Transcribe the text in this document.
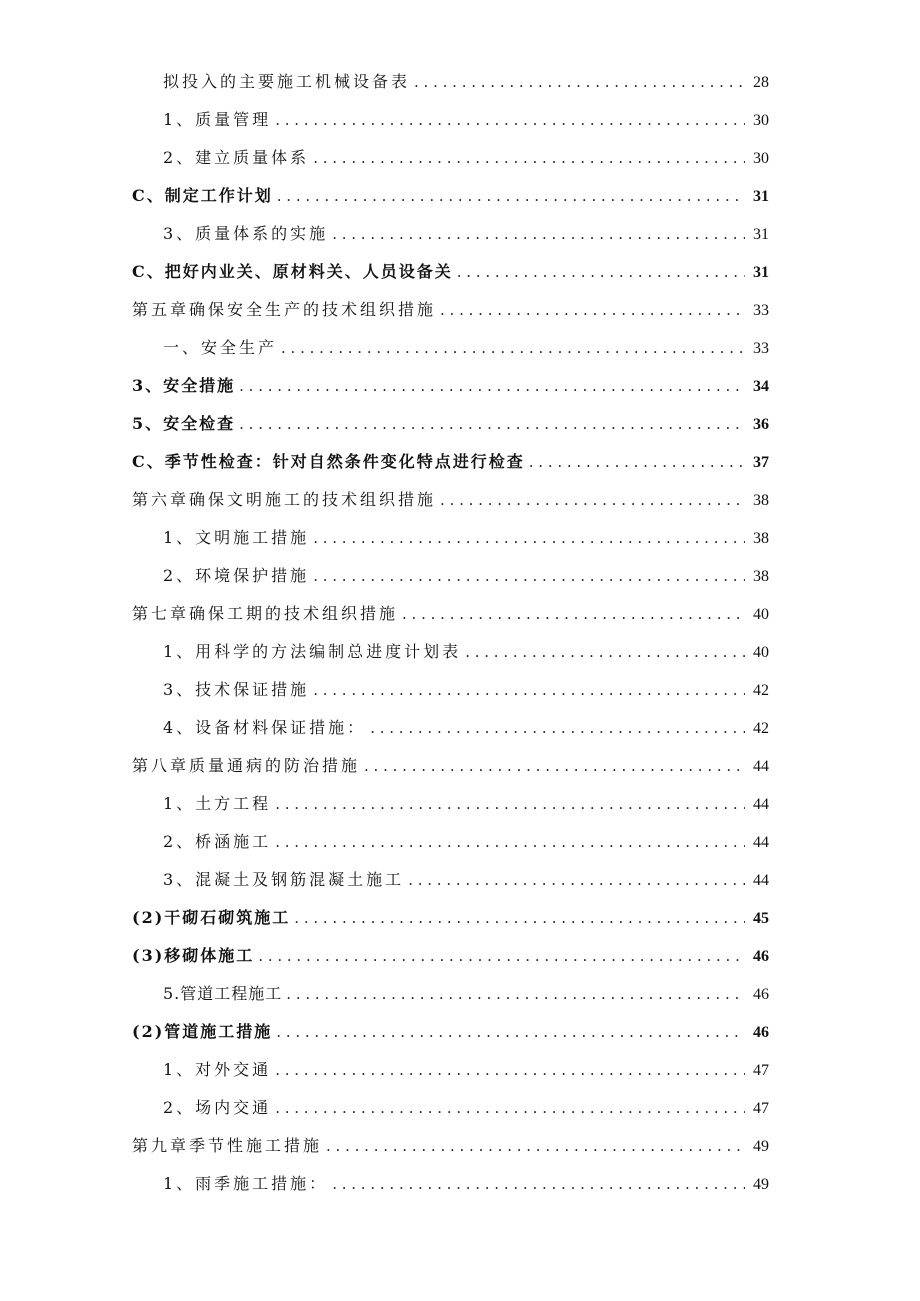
拟投入的主要施工机械设备表 . . .	28
1、质量管理 . . .	30
2、建立质量体系 . . .	30
C、制定工作计划 . . .	31
3、质量体系的实施 . . .	31
C、把好内业关、原材料关、人员设备关 . . .	31
第五章确保安全生产的技术组织措施 . . .	33
一、安全生产 . . .	33
3、安全措施 . . .	34
5、安全检查 . . .	36
C、季节性检查：针对自然条件变化特点进行检查 . . .	37
第六章确保文明施工的技术组织措施 . . .	38
1、文明施工措施 . . .	38
2、环境保护措施 . . .	38
第七章确保工期的技术组织措施 . . .	40
1、用科学的方法编制总进度计划表 . . .	40
3、技术保证措施 . . .	42
4、设备材料保证措施： . . .	42
第八章质量通病的防治措施 . . .	44
1、土方工程 . . .	44
2、桥涵施工 . . .	44
3、混凝土及钢筋混凝土施工 . . .	44
(2)干砌石砌筑施工 . . .	45
(3)移砌体施工 . . .	46
5.管道工程施工 . . .	46
(2)管道施工措施 . . .	46
1、对外交通 . . .	47
2、场内交通 . . .	47
第九章季节性施工措施 . . .	49
1、雨季施工措施： . . .	49
